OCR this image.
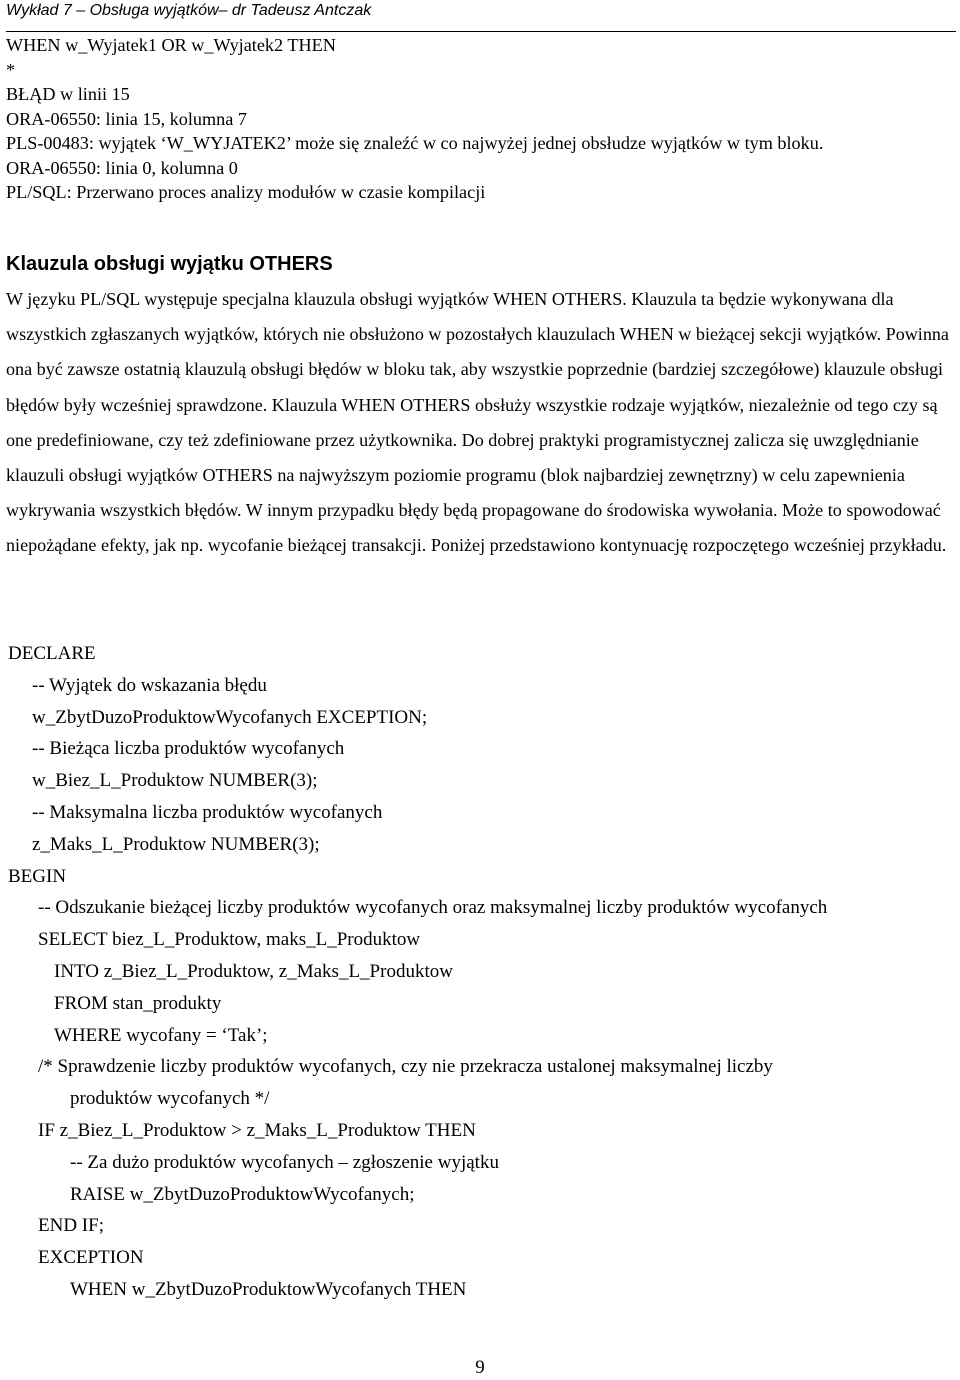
Wykład 7 – Obsługa wyjątków– dr Tadeusz Antczak
WHEN w_Wyjatek1 OR w_Wyjatek2 THEN
*
BŁĄD w linii 15
ORA-06550: linia 15, kolumna 7
PLS-00483: wyjątek ‘W_WYJATEK2’ może się znaleźć w co najwyżej jednej obsłudze wyjątków w tym bloku.
ORA-06550: linia 0, kolumna 0
PL/SQL: Przerwano proces analizy modułów w czasie kompilacji
Klauzula obsługi wyjątku OTHERS

W języku PL/SQL występuje specjalna klauzula obsługi wyjątków WHEN OTHERS. Klauzula ta będzie wykonywana dla wszystkich zgłaszanych wyjątków, których nie obsłużono w pozostałych klauzulach WHEN w bieżącej sekcji wyjątków. Powinna ona być zawsze ostatnią klauzulą obsługi błędów w bloku tak, aby wszystkie poprzednie (bardziej szczegółowe) klauzule obsługi błędów były wcześniej sprawdzone. Klauzula WHEN OTHERS obsłuży wszystkie rodzaje wyjątków, niezależnie od tego czy są one predefiniowane, czy też zdefiniowane przez użytkownika. Do dobrej praktyki programistycznej zalicza się uwzględnianie klauzuli obsługi wyjątków OTHERS na najwyższym poziomie programu (blok najbardziej zewnętrzny) w celu zapewnienia wykrywania wszystkich błędów. W innym przypadku błędy będą propagowane do środowiska wywołania. Może to spowodować niepożądane efekty, jak np. wycofanie bieżącej transakcji. Poniżej przedstawiono kontynuację rozpoczętego wcześniej przykładu.

DECLARE
-- Wyjątek do wskazania błędu
w_ZbytDuzoProduktowWycofanych EXCEPTION;
-- Bieżąca liczba produktów wycofanych
w_Biez_L_Produktow NUMBER(3);
-- Maksymalna liczba produktów wycofanych
z_Maks_L_Produktow NUMBER(3);
BEGIN
-- Odszukanie bieżącej liczby produktów wycofanych oraz maksymalnej liczby produktów wycofanych
SELECT biez_L_Produktow, maks_L_Produktow
INTO z_Biez_L_Produktow, z_Maks_L_Produktow
FROM stan_produkty
WHERE wycofany = ‘Tak’;
/* Sprawdzenie liczby produktów wycofanych, czy nie przekracza ustalonej maksymalnej liczby
produktów wycofanych */
IF z_Biez_L_Produktow > z_Maks_L_Produktow THEN
-- Za dużo produktów wycofanych – zgłoszenie wyjątku
RAISE w_ZbytDuzoProduktowWycofanych;
END IF;
EXCEPTION
WHEN w_ZbytDuzoProduktowWycofanych THEN
9
